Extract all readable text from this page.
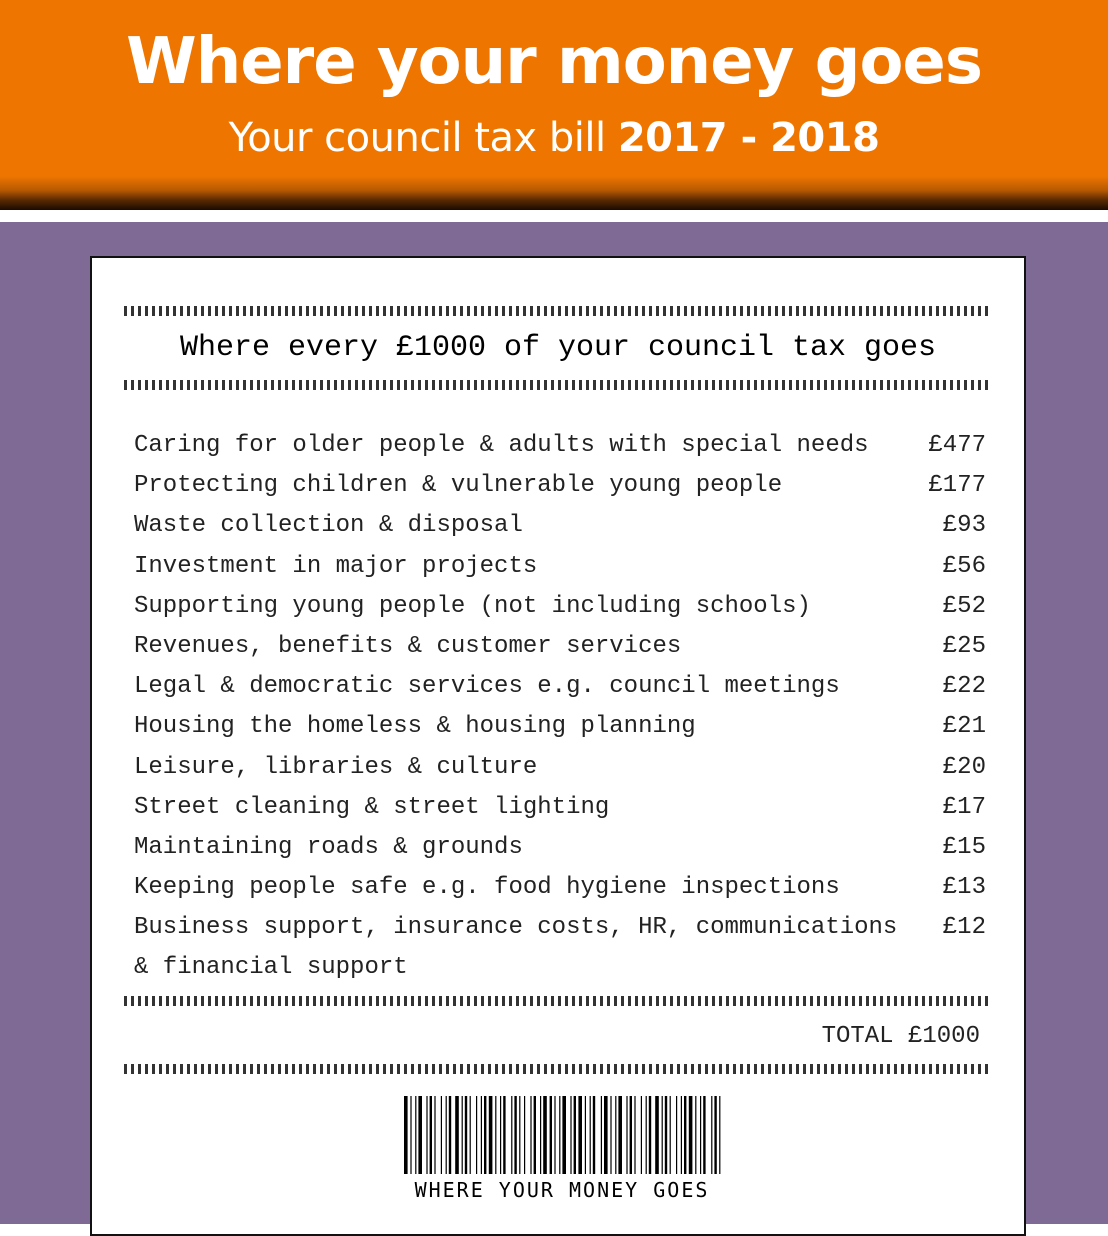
Where your money goes
Your council tax bill 2017 - 2018
Where every £1000 of your council tax goes
Caring for older people & adults with special needs £477
Protecting children & vulnerable young people	£177
Waste collection & disposal	£93
Investment in major projects	£56
Supporting young people (not including schools)	£52
Revenues, benefits & customer services	£25
Legal & democratic services e.g. council meetings	£22
Housing the homeless & housing planning	£21
Leisure, libraries & culture	£20
Street cleaning & street lighting	£17
Maintaining roads & grounds	£15
Keeping people safe e.g. food hygiene inspections	£13
Business support, insurance costs, HR, communications £12
& financial support
TOTAL £1000
WHERE YOUR MONEY GOES
